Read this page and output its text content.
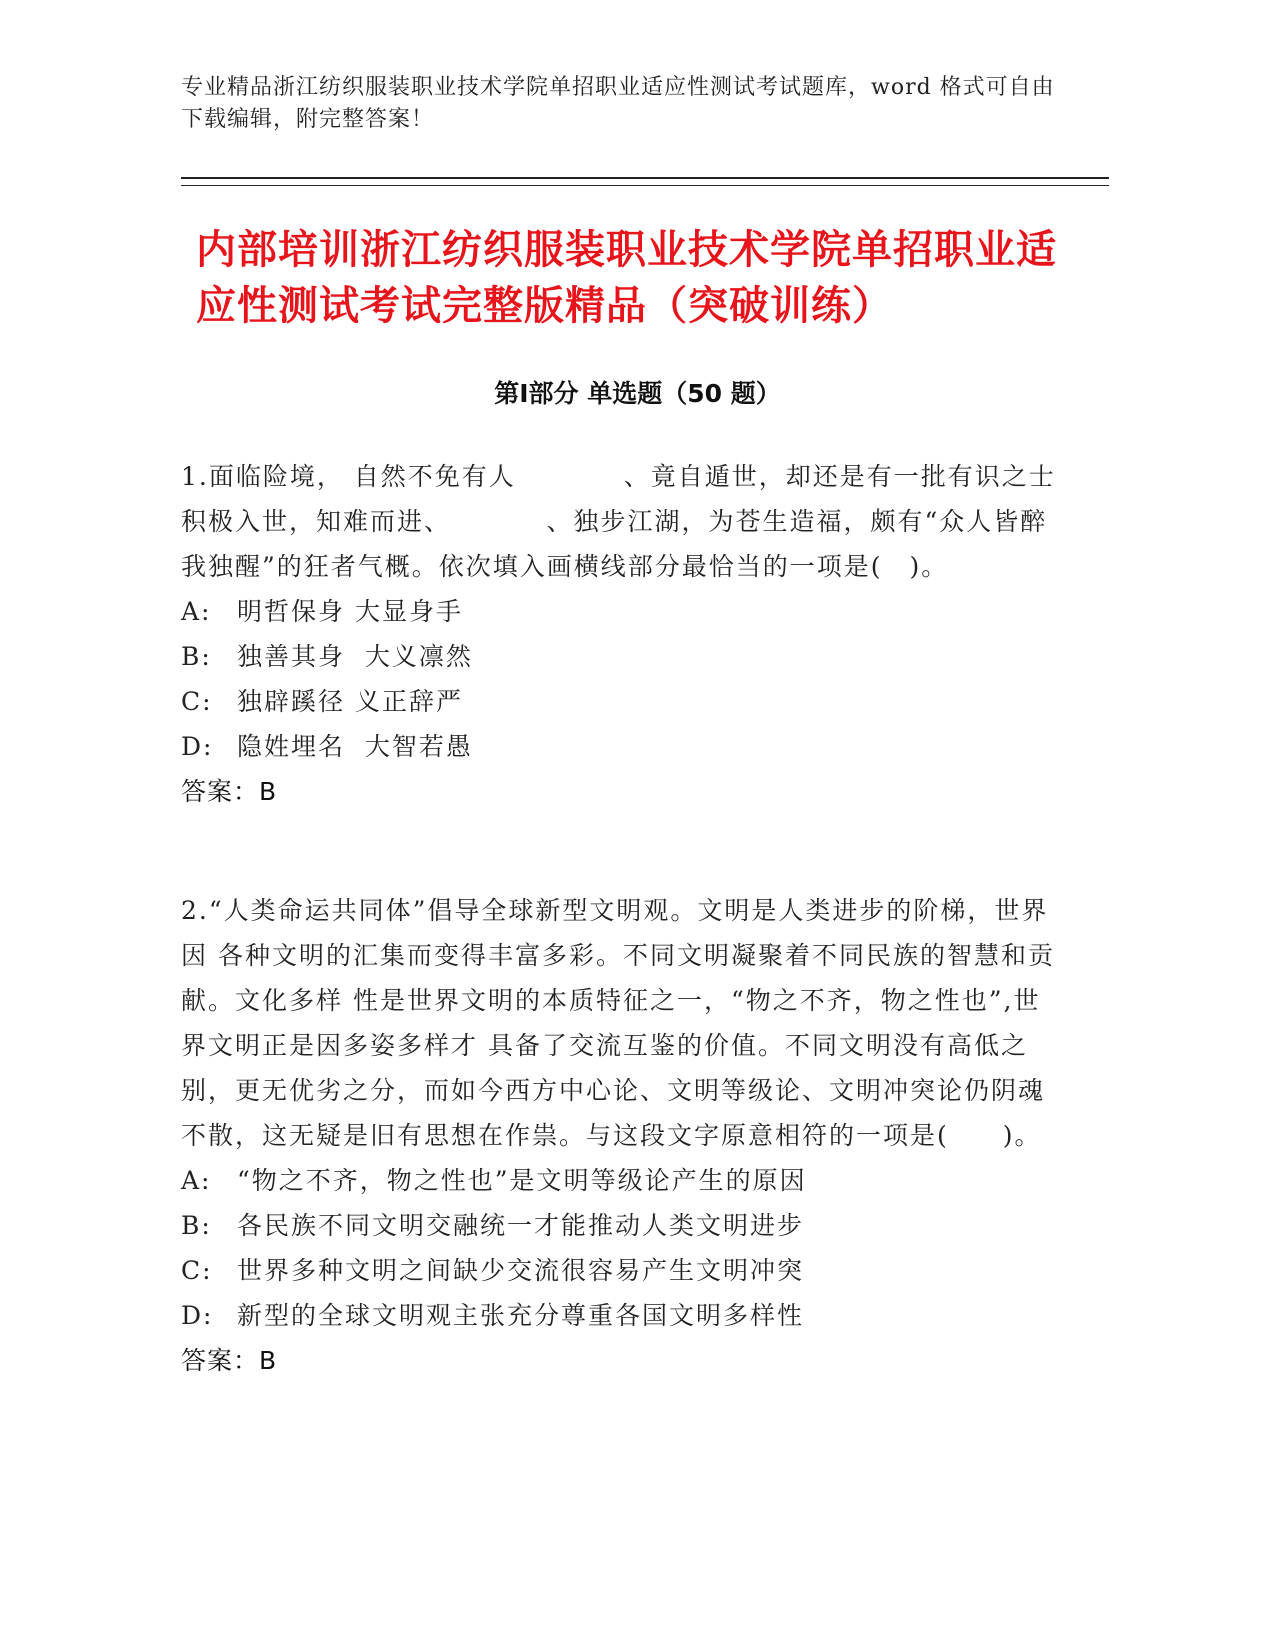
专业精品浙江纺织服装职业技术学院单招职业适应性测试考试题库，word 格式可自由下载编辑，附完整答案！
内部培训浙江纺织服装职业技术学院单招职业适应性测试考试完整版精品（突破训练）
第Ⅰ部分 单选题（50 题）

1.面临险境， 自然不免有人　　　　、竟自遁世，却还是有一批有识之士积极入世，知难而进、　　　　、独步江湖，为苍生造福，颇有“众人皆醉我独醒”的狂者气概。依次填入画横线部分最恰当的一项是(　)。

A: 明哲保身 大显身手

B: 独善其身  大义凛然

C: 独辟蹊径 义正辞严

D: 隐姓埋名  大智若愚

答案：B

2.“人类命运共同体”倡导全球新型文明观。文明是人类进步的阶梯，世界因 各种文明的汇集而变得丰富多彩。不同文明凝聚着不同民族的智慧和贡献。文化多样 性是世界文明的本质特征之一，“物之不齐，物之性也”,世界文明正是因多姿多样才 具备了交流互鉴的价值。不同文明没有高低之别，更无优劣之分，而如今西方中心论、文明等级论、文明冲突论仍阴魂不散，这无疑是旧有思想在作祟。与这段文字原意相符的一项是(　　)。

A: “物之不齐，物之性也”是文明等级论产生的原因

B: 各民族不同文明交融统一才能推动人类文明进步

C: 世界多种文明之间缺少交流很容易产生文明冲突

D: 新型的全球文明观主张充分尊重各国文明多样性

答案：B
